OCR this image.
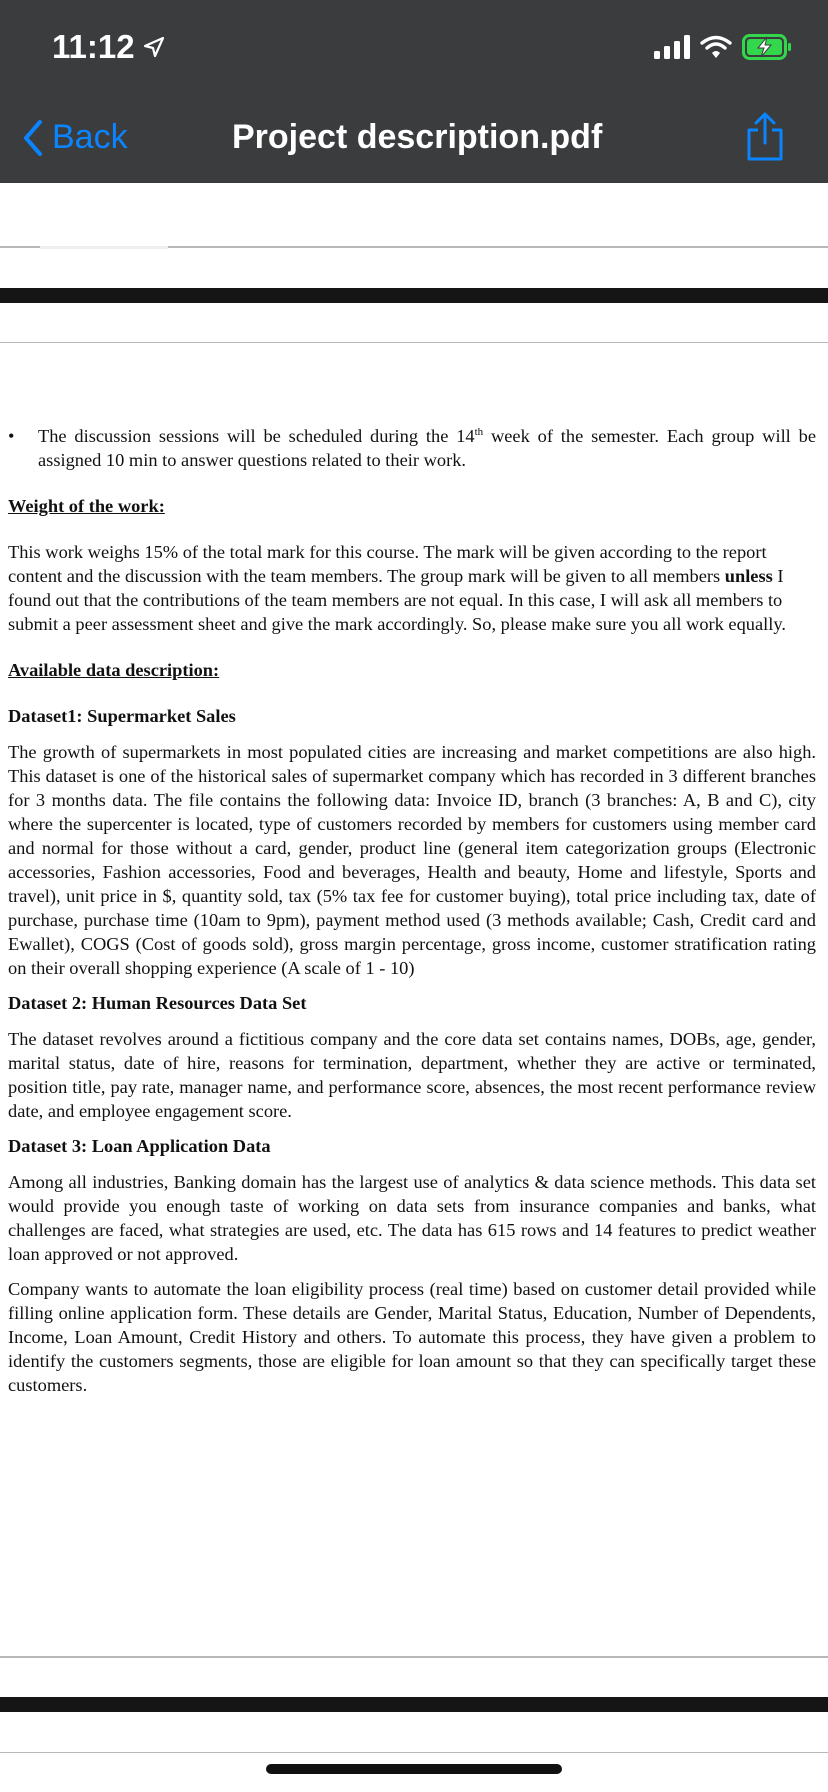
11:12
Back	Project description.pdf

• The discussion sessions will be scheduled during the 14th week of the semester. Each group will be assigned 10 min to answer questions related to their work.

Weight of the work:

This work weighs 15% of the total mark for this course. The mark will be given according to the report content and the discussion with the team members. The group mark will be given to all members unless I found out that the contributions of the team members are not equal. In this case, I will ask all members to submit a peer assessment sheet and give the mark accordingly. So, please make sure you all work equally.

Available data description:

Dataset1: Supermarket Sales

The growth of supermarkets in most populated cities are increasing and market competitions are also high. This dataset is one of the historical sales of supermarket company which has recorded in 3 different branches for 3 months data. The file contains the following data: Invoice ID, branch (3 branches: A, B and C), city where the supercenter is located, type of customers recorded by members for customers using member card and normal for those without a card, gender, product line (general item categorization groups (Electronic accessories, Fashion accessories, Food and beverages, Health and beauty, Home and lifestyle, Sports and travel), unit price in $, quantity sold, tax (5% tax fee for customer buying), total price including tax, date of purchase, purchase time (10am to 9pm), payment method used (3 methods available; Cash, Credit card and Ewallet), COGS (Cost of goods sold), gross margin percentage, gross income, customer stratification rating on their overall shopping experience (A scale of 1 - 10)

Dataset 2: Human Resources Data Set

The dataset revolves around a fictitious company and the core data set contains names, DOBs, age, gender, marital status, date of hire, reasons for termination, department, whether they are active or terminated, position title, pay rate, manager name, and performance score, absences, the most recent performance review date, and employee engagement score.

Dataset 3: Loan Application Data

Among all industries, Banking domain has the largest use of analytics & data science methods. This data set would provide you enough taste of working on data sets from insurance companies and banks, what challenges are faced, what strategies are used, etc. The data has 615 rows and 14 features to predict weather loan approved or not approved.

Company wants to automate the loan eligibility process (real time) based on customer detail provided while filling online application form. These details are Gender, Marital Status, Education, Number of Dependents, Income, Loan Amount, Credit History and others. To automate this process, they have given a problem to identify the customers segments, those are eligible for loan amount so that they can specifically target these customers.
